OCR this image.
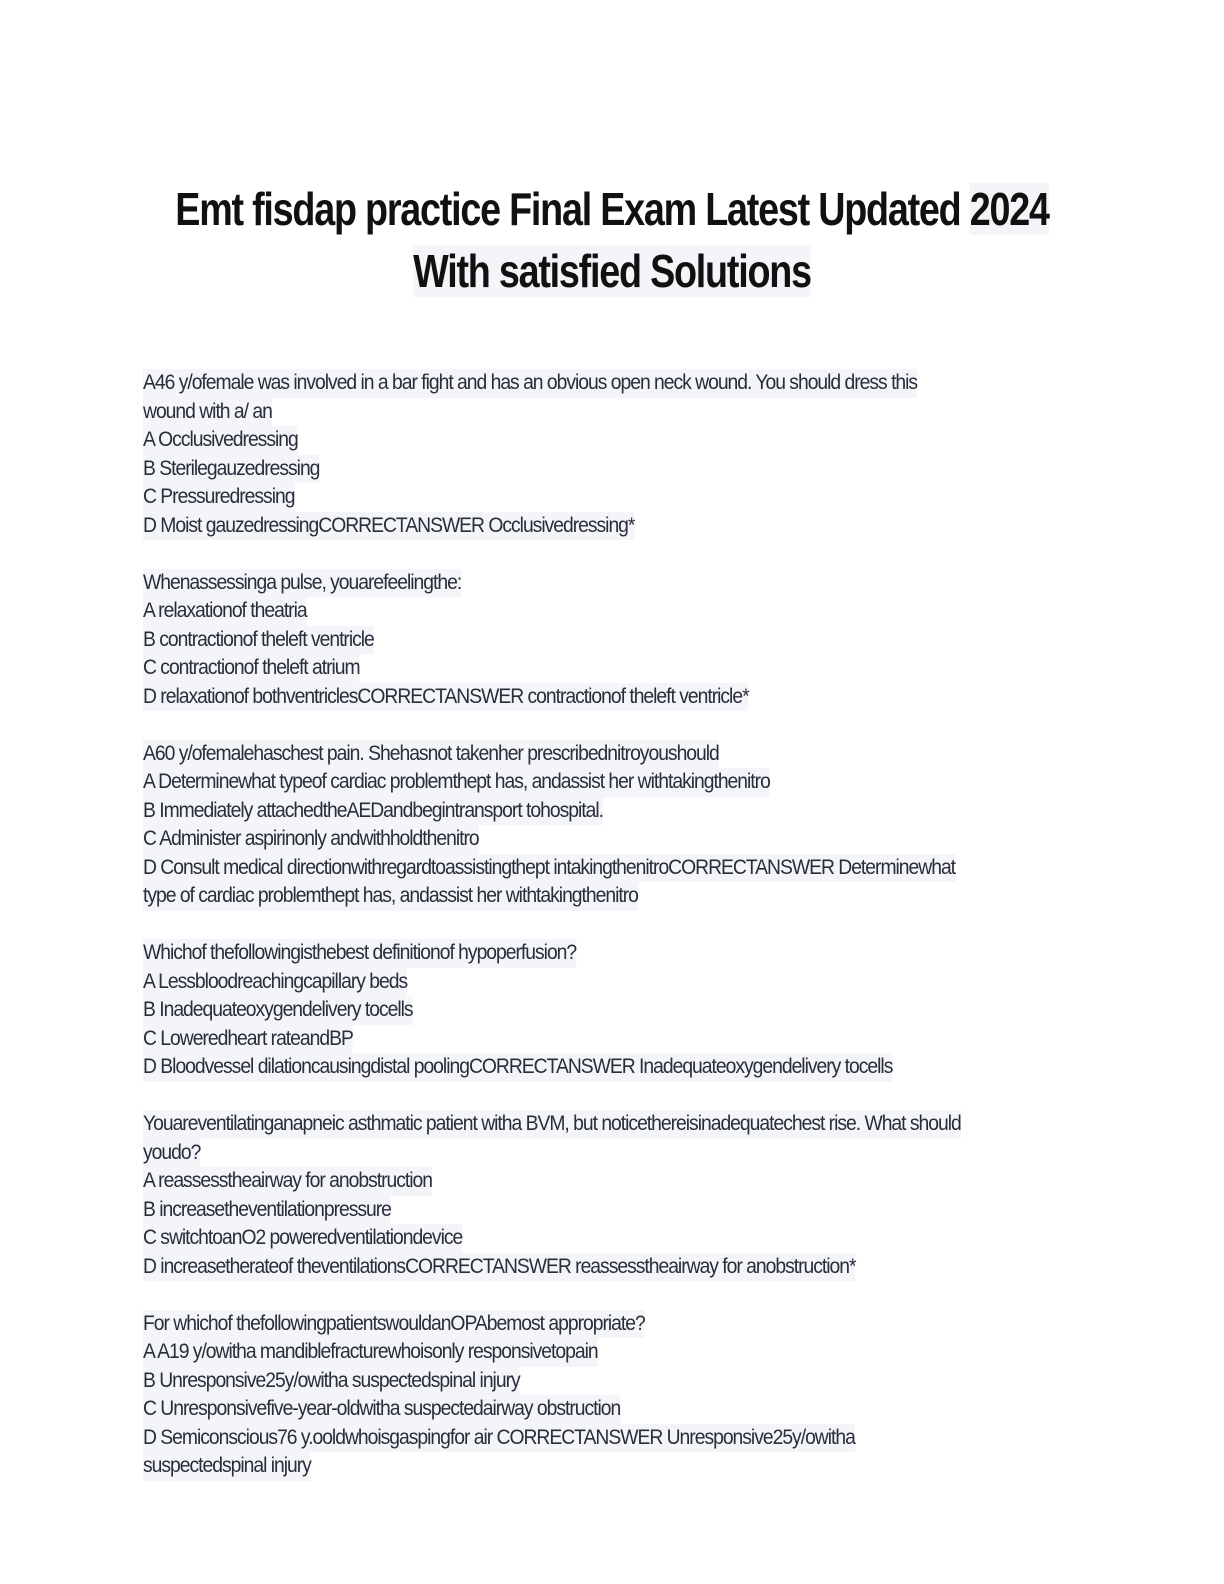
Emt fisdap practice Final Exam Latest Updated 2024
With satisfied Solutions
A46 y/ofemale was involved in a bar fight and has an obvious open neck wound. You should dress this
wound with a/ an
A Occlusivedressing
B Sterilegauzedressing
C Pressuredressing
D Moist gauzedressingCORRECTANSWER Occlusivedressing*
Whenassessinga pulse, youarefeelingthe:
A relaxationof theatria
B contractionof theleft ventricle
C contractionof theleft atrium
D relaxationof bothventriclesCORRECTANSWER contractionof theleft ventricle*
A60 y/ofemalehaschest pain. Shehasnot takenher prescribednitroyoushould
A Determinewhat typeof cardiac problemthept has, andassist her withtakingthenitro
B Immediately attachedtheAEDandbegintransport tohospital.
C Administer aspirinonly andwithholdthenitro
D Consult medical directionwithregardtoassistingthept intakingthenitroCORRECTANSWER Determinewhat
type of cardiac problemthept has, andassist her withtakingthenitro
Whichof thefollowingisthebest definitionof hypoperfusion?
A Lessbloodreachingcapillary beds
B Inadequateoxygendelivery tocells
C Loweredheart rateandBP
D Bloodvessel dilationcausingdistal poolingCORRECTANSWER Inadequateoxygendelivery tocells
Youareventilatinganapneic asthmatic patient witha BVM, but noticethereisinadequatechest rise. What should
youdo?
A reassesstheairway for anobstruction
B increasetheventilationpressure
C switchtoanO2 poweredventilationdevice
D increasetherateof theventilationsCORRECTANSWER reassesstheairway for anobstruction*
For whichof thefollowingpatientswouldanOPAbemost appropriate?
A A19 y/owitha mandiblefracturewhoisonly responsivetopain
B Unresponsive25y/owitha suspectedspinal injury
C Unresponsivefive-year-oldwitha suspectedairway obstruction
D Semiconscious76 y.ooldwhoisgaspingfor air CORRECTANSWER Unresponsive25y/owitha
suspectedspinal injury
